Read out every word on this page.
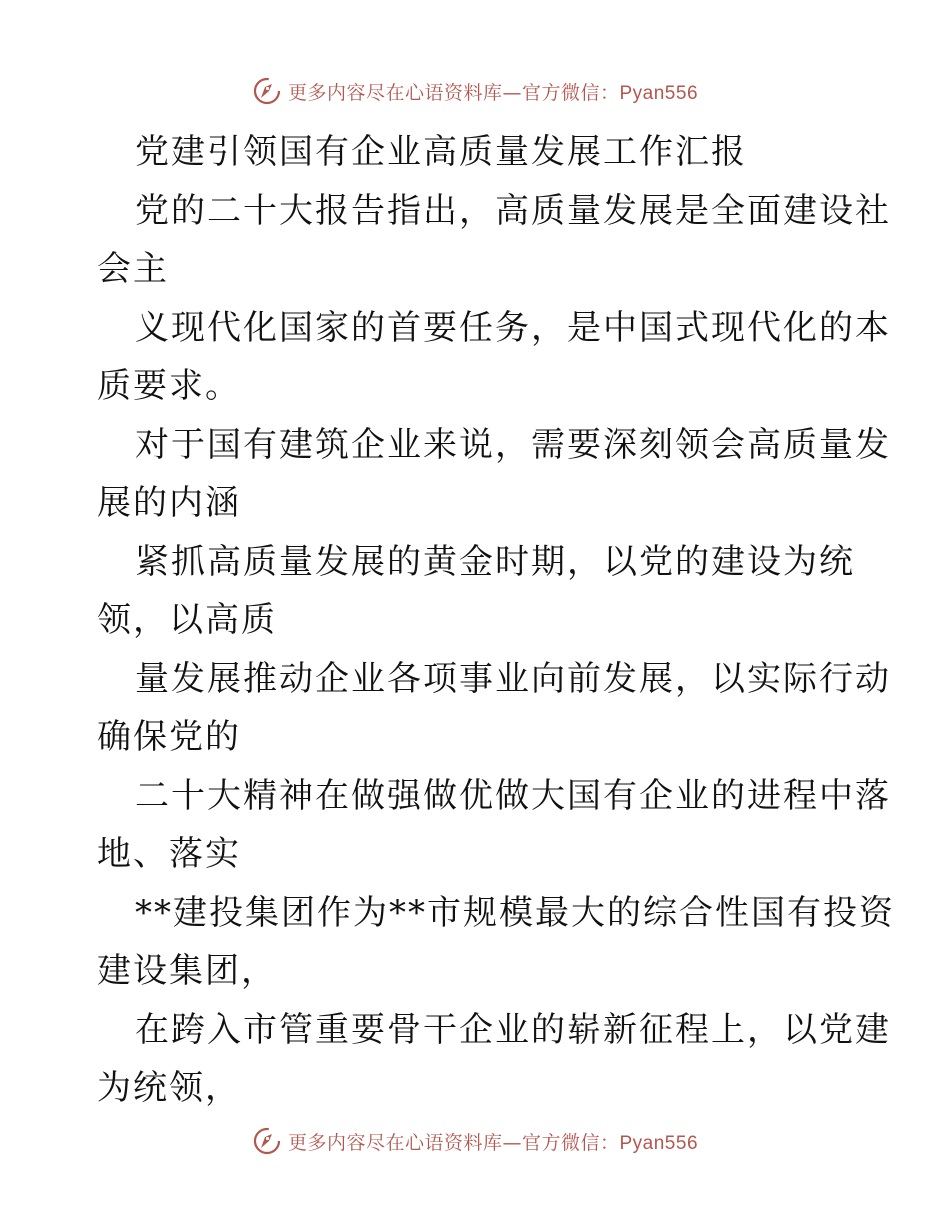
更多内容尽在心语资料库—官方微信：Pyan556
党建引领国有企业高质量发展工作汇报
党的二十大报告指出，高质量发展是全面建设社
会主
义现代化国家的首要任务，是中国式现代化的本
质要求。
对于国有建筑企业来说，需要深刻领会高质量发
展的内涵
紧抓高质量发展的黄金时期，以党的建设为统
领，以高质
量发展推动企业各项事业向前发展，以实际行动
确保党的
二十大精神在做强做优做大国有企业的进程中落
地、落实
**建投集团作为**市规模最大的综合性国有投资
建设集团，
在跨入市管重要骨干企业的崭新征程上，以党建
为统领，
更多内容尽在心语资料库—官方微信：Pyan556
